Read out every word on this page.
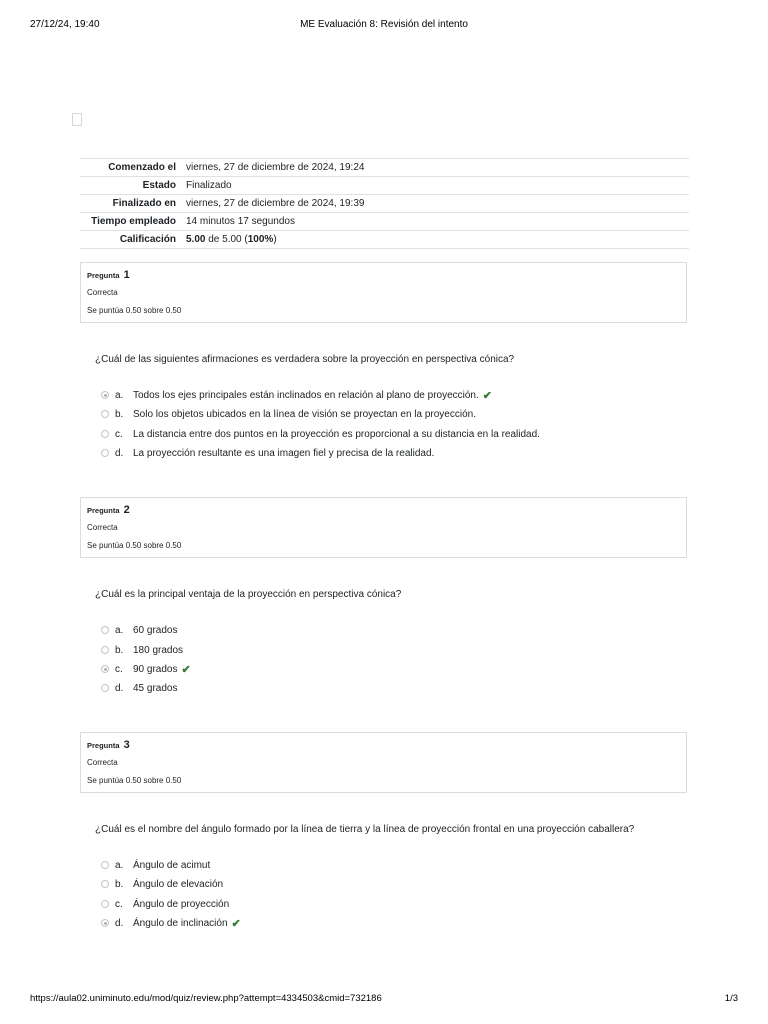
27/12/24, 19:40	ME Evaluación 8: Revisión del intento
Comenzado el	viernes, 27 de diciembre de 2024, 19:24
Estado	Finalizado
Finalizado en	viernes, 27 de diciembre de 2024, 19:39
Tiempo empleado	14 minutos 17 segundos
Calificación	5.00 de 5.00 (100%)
Pregunta 1
Correcta
Se puntúa 0.50 sobre 0.50
¿Cuál de las siguientes afirmaciones es verdadera sobre la proyección en perspectiva cónica?
a. Todos los ejes principales están inclinados en relación al plano de proyección. ✔
b. Solo los objetos ubicados en la línea de visión se proyectan en la proyección.
c.	La distancia entre dos puntos en la proyección es proporcional a su distancia en la realidad.
d. La proyección resultante es una imagen fiel y precisa de la realidad.
Pregunta 2
Correcta
Se puntúa 0.50 sobre 0.50
¿Cuál es la principal ventaja de la proyección en perspectiva cónica?
a. 60 grados
b. 180 grados
c.	90 grados ✔
d. 45 grados
Pregunta 3
Correcta
Se puntúa 0.50 sobre 0.50
¿Cuál es el nombre del ángulo formado por la línea de tierra y la línea de proyección frontal en una proyección caballera?
a. Ángulo de acimut
b. Ángulo de elevación
c.	Ángulo de proyección
d. Ángulo de inclinación ✔
https://aula02.uniminuto.edu/mod/quiz/review.php?attempt=4334503&cmid=732186	1/3
